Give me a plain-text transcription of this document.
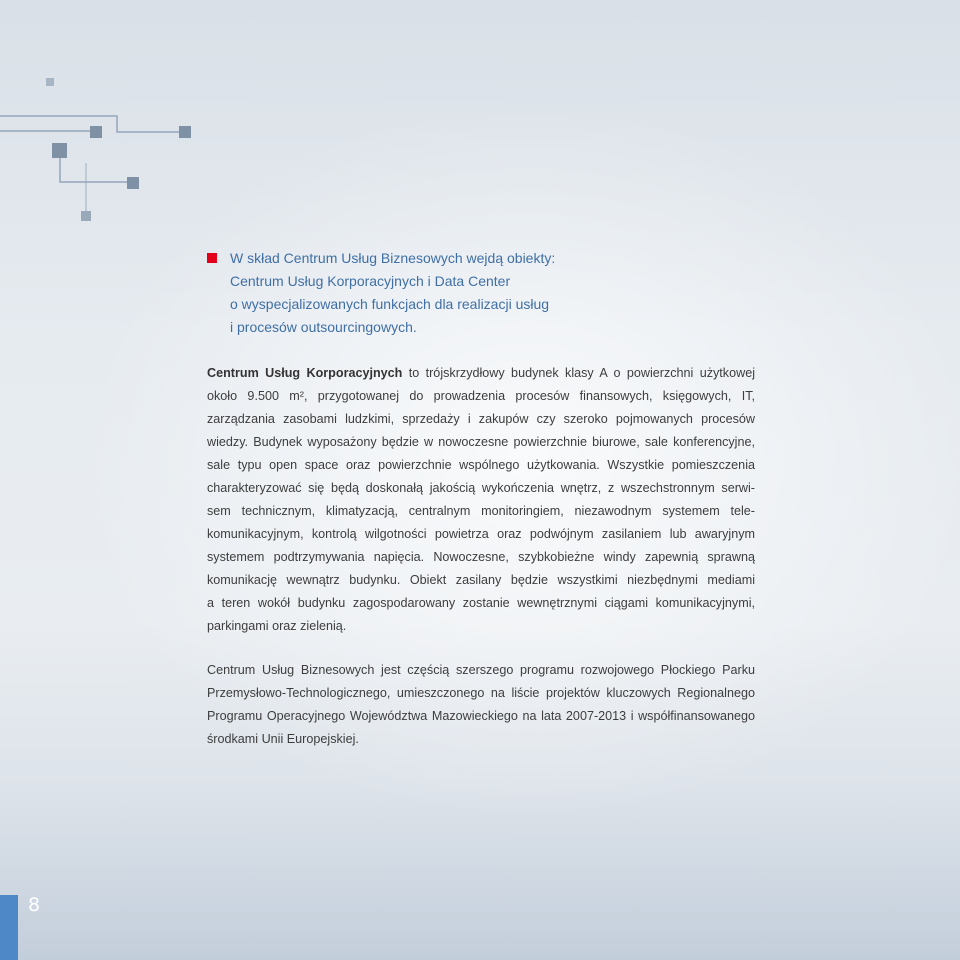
W skład Centrum Usług Biznesowych wejdą obiekty:
Centrum Usług Korporacyjnych i Data Center
o wyspecjalizowanych funkcjach dla realizacji usług
i procesów outsourcingowych.
Centrum Usług Korporacyjnych to trójskrzydłowy budynek klasy A o powierzchni użytkowej
około 9.500 m², przygotowanej do prowadzenia procesów finansowych, księgowych, IT,
zarządzania zasobami ludzkimi, sprzedaży i zakupów czy szeroko pojmowanych procesów
wiedzy. Budynek wyposażony będzie w nowoczesne powierzchnie biurowe, sale konferencyjne,
sale typu open space oraz powierzchnie wspólnego użytkowania. Wszystkie pomieszczenia
charakteryzować się będą doskonałą jakością wykończenia wnętrz, z wszechstronnym serwi-
sem technicznym, klimatyzacją, centralnym monitoringiem, niezawodnym systemem tele-
komunikacyjnym, kontrolą wilgotności powietrza oraz podwójnym zasilaniem lub awaryjnym
systemem podtrzymywania napięcia. Nowoczesne, szybkobieżne windy zapewnią sprawną
komunikację wewnątrz budynku. Obiekt zasilany będzie wszystkimi niezbędnymi mediami
a teren wokół budynku zagospodarowany zostanie wewnętrznymi ciągami komunikacyjnymi,
parkingami oraz zielenią.
Centrum Usług Biznesowych jest częścią szerszego programu rozwojowego Płockiego Parku
Przemysłowo-Technologicznego, umieszczonego na liście projektów kluczowych Regionalnego
Programu Operacyjnego Województwa Mazowieckiego na lata 2007-2013 i współfinansowanego
środkami Unii Europejskiej.
8
